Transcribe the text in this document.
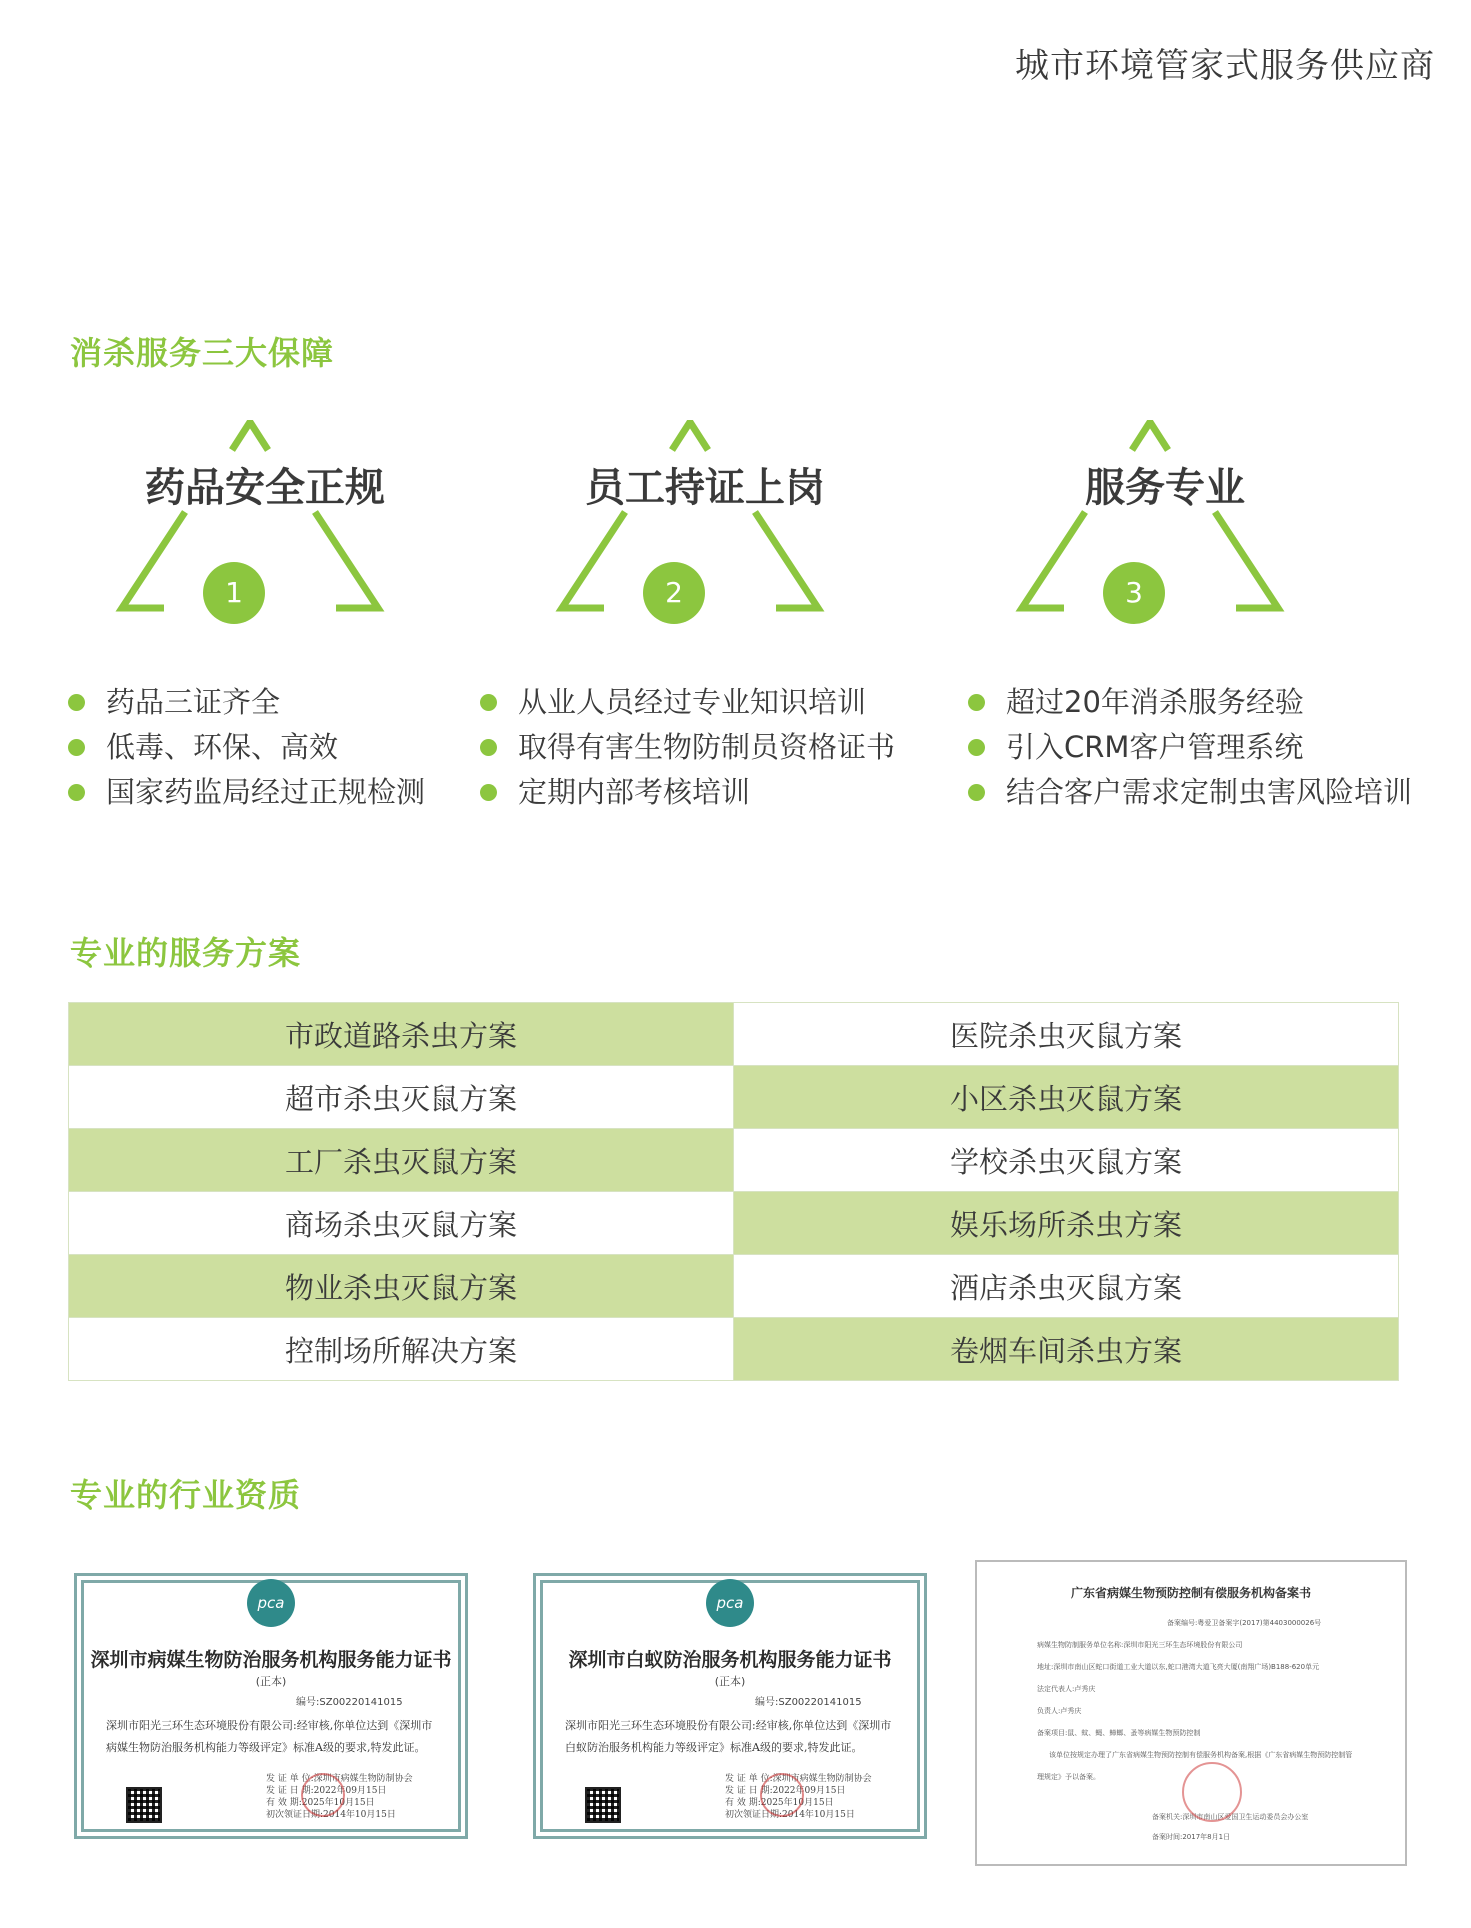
城市环境管家式服务供应商
消杀服务三大保障
药品安全正规
1
员工持证上岗
2
服务专业
3
药品三证齐全
低毒、环保、高效
国家药监局经过正规检测
从业人员经过专业知识培训
取得有害生物防制员资格证书
定期内部考核培训
超过20年消杀服务经验
引入CRM客户管理系统
结合客户需求定制虫害风险培训
专业的服务方案
市政道路杀虫方案	医院杀虫灭鼠方案
超市杀虫灭鼠方案	小区杀虫灭鼠方案
工厂杀虫灭鼠方案	学校杀虫灭鼠方案
商场杀虫灭鼠方案	娱乐场所杀虫方案
物业杀虫灭鼠方案	酒店杀虫灭鼠方案
控制场所解决方案	卷烟车间杀虫方案
专业的行业资质
pca
深圳市病媒生物防治服务机构服务能力证书
(正本)
编号:SZ00220141015
深圳市阳光三环生态环境股份有限公司:经审核,你单位达到《深圳市病媒生物防治服务机构能力等级评定》标准A级的要求,特发此证。
发 证 单 位:深圳市病媒生物防制协会
发 证 日 期:2022年09月15日
有 效 期:2025年10月15日
初次领证日期:2014年10月15日
pca
深圳市白蚁防治服务机构服务能力证书
(正本)
编号:SZ00220141015
深圳市阳光三环生态环境股份有限公司:经审核,你单位达到《深圳市白蚁防治服务机构能力等级评定》标准A级的要求,特发此证。
发 证 单 位:深圳市病媒生物防制协会
发 证 日 期:2022年09月15日
有 效 期:2025年10月15日
初次领证日期:2014年10月15日
广东省病媒生物预防控制有偿服务机构备案书
备案编号:粤爱卫备案字(2017)第4403000026号
病媒生物防制服务单位名称:深圳市阳光三环生态环境股份有限公司
地址:深圳市南山区蛇口街道工业大道以东,蛇口港湾大道飞亮大厦(南翔广场)B188-620单元
法定代表人:卢秀庆
负责人:卢秀庆
备案项目:鼠、蚊、蝇、蟑螂、蚤等病媒生物预防控制
该单位按规定办理了广东省病媒生物预防控制有偿服务机构备案,根据《广东省病媒生物预防控制管
理规定》予以备案。
备案机关:深圳市南山区爱国卫生运动委员会办公室
备案时间:2017年8月1日
